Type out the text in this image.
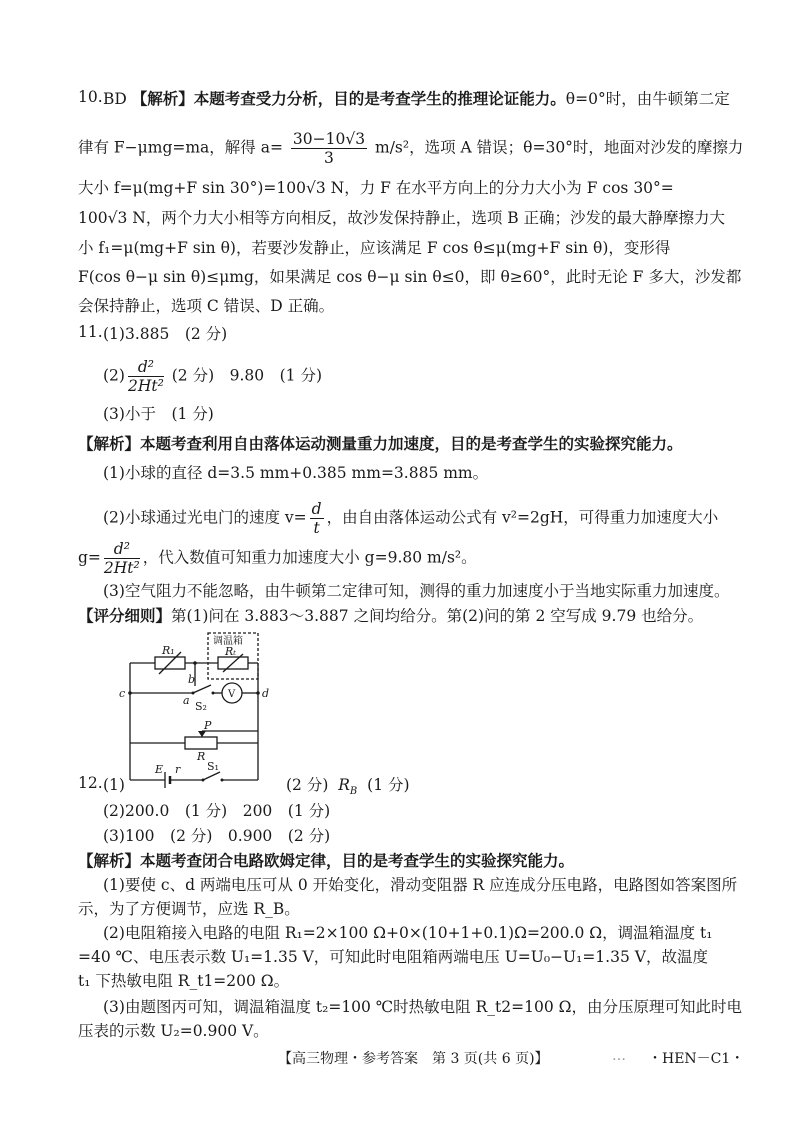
10. BD 【解析】本题考查受力分析，目的是考查学生的推理论证能力。θ=0°时，由牛顿第二定
律有 F−μmg=ma，解得 $a= \frac{30-10√3}{3} m/s^2$，选项 A 错误；θ=30°时，地面对沙发的摩擦力
大小 f=μ(mg+F sin 30°)=100√3 N，力 F 在水平方向上的分力大小为 F cos 30°=
100√3 N，两个力大小相等方向相反，故沙发保持静止，选项 B 正确；沙发的最大静摩擦力大
小 f₁=μ(mg+F sin θ)，若要沙发静止，应该满足 F cos θ≤μ(mg+F sin θ)，变形得
F(cos θ−μ sin θ)≤μmg，如果满足 cos θ−μ sin θ≤0，即 θ≥60°，此时无论 F 多大，沙发都
会保持静止，选项 C 错误、D 正确。
11. (1)3.885　(2 分)
$(2) \frac{\text{d²}}{\text{2Ht²}} (2$ 分)　9.80　(1 分)
(3)小于　(1 分)
【解析】本题考查利用自由落体运动测量重力加速度，目的是考查学生的实验探究能力。
(1)小球的直径 d=3.5 mm+0.385 mm=3.885 mm。
(2)小球通过光电门的速度 $v= \frac{d}{t}$ ，由自由落体运动公式有 v²=2gH，可得重力加速度大小
$g= \frac{\text{d²}}{\text{2Ht²}}$ ，代入数值可知重力加速度大小 g=9.80 m/s²。
(3)空气阻力不能忽略，由牛顿第二定律可知，测得的重力加速度小于当地实际重力加速度。
【评分细则】第(1)问在 3.883～3.887 之间均给分。第(2)问的第 2 空写成 9.79 也给分。
调温箱
R₁	Rₜ
b
c	d
a S₂
V
P
R
E r S₁
12. (1)	(2 分) $R_B$ (1 分)
(2)200.0　(1 分)　200　(1 分)
(3)100　(2 分)　0.900　(2 分)
【解析】本题考查闭合电路欧姆定律，目的是考查学生的实验探究能力。
(1)要使 c、d 两端电压可从 0 开始变化，滑动变阻器 R 应连成分压电路，电路图如答案图所
示，为了方便调节，应选 R_B。
(2)电阻箱接入电路的电阻 R₁=2×100 Ω+0×(10+1+0.1)Ω=200.0 Ω，调温箱温度 t₁
=40 ℃、电压表示数 U₁=1.35 V，可知此时电阻箱两端电压 U=U₀−U₁=1.35 V，故温度
t₁ 下热敏电阻 R_t1=200 Ω。
(3)由题图丙可知，调温箱温度 t₂=100 ℃时热敏电阻 R_t2=100 Ω，由分压原理可知此时电
压表的示数 U₂=0.900 V。
【高三物理・参考答案　第 3 页(共 6 页)】	… ・HEN－C1・
